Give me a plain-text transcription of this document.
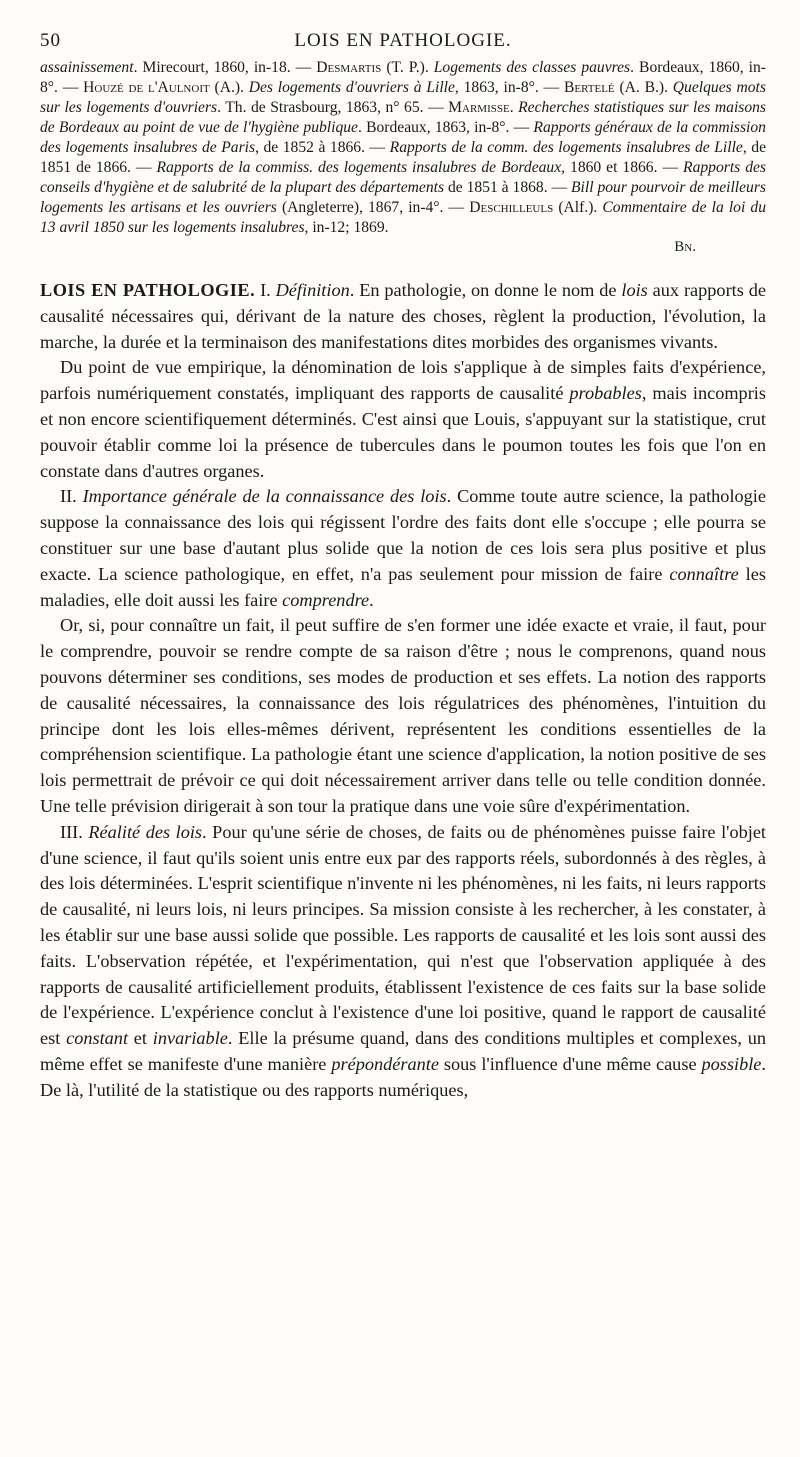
50	LOIS EN PATHOLOGIE.

assainissement. Mirecourt, 1860, in-18. — Desmartis (T. P.). Logements des classes pauvres. Bordeaux, 1860, in-8°. — Houzé de l'Aulnoit (A.). Des logements d'ouvriers à Lille, 1863, in-8°. — Bertelé (A. B.). Quelques mots sur les logements d'ouvriers. Th. de Strasbourg, 1863, n° 65. — Marmisse. Recherches statistiques sur les maisons de Bordeaux au point de vue de l'hygiène publique. Bordeaux, 1863, in-8°. — Rapports généraux de la commission des logements insalubres de Paris, de 1852 à 1866. — Rapports de la comm. des logements insalubres de Lille, de 1851 de 1866. — Rapports de la commiss. des logements insalubres de Bordeaux, 1860 et 1866. — Rapports des conseils d'hygiène et de salubrité de la plupart des départements de 1851 à 1868. — Bill pour pourvoir de meilleurs logements les artisans et les ouvriers (Angleterre), 1867, in-4°. — Deschilleuls (Alf.). Commentaire de la loi du 13 avril 1850 sur les logements insalubres, in-12; 1869.

Bn.

LOIS EN PATHOLOGIE. I. Définition. En pathologie, on donne le nom de lois aux rapports de causalité nécessaires qui, dérivant de la nature des choses, règlent la production, l'évolution, la marche, la durée et la terminaison des manifestations dites morbides des organismes vivants.

Du point de vue empirique, la dénomination de lois s'applique à de simples faits d'expérience, parfois numériquement constatés, impliquant des rapports de causalité probables, mais incompris et non encore scientifiquement déterminés. C'est ainsi que Louis, s'appuyant sur la statistique, crut pouvoir établir comme loi la présence de tubercules dans le poumon toutes les fois que l'on en constate dans d'autres organes.

II. Importance générale de la connaissance des lois. Comme toute autre science, la pathologie suppose la connaissance des lois qui régissent l'ordre des faits dont elle s'occupe ; elle pourra se constituer sur une base d'autant plus solide que la notion de ces lois sera plus positive et plus exacte. La science pathologique, en effet, n'a pas seulement pour mission de faire connaître les maladies, elle doit aussi les faire comprendre.

Or, si, pour connaître un fait, il peut suffire de s'en former une idée exacte et vraie, il faut, pour le comprendre, pouvoir se rendre compte de sa raison d'être ; nous le comprenons, quand nous pouvons déterminer ses conditions, ses modes de production et ses effets. La notion des rapports de causalité nécessaires, la connaissance des lois régulatrices des phénomènes, l'intuition du principe dont les lois elles-mêmes dérivent, représentent les conditions essentielles de la compréhension scientifique. La pathologie étant une science d'application, la notion positive de ses lois permettrait de prévoir ce qui doit nécessairement arriver dans telle ou telle condition donnée. Une telle prévision dirigerait à son tour la pratique dans une voie sûre d'expérimentation.

III. Réalité des lois. Pour qu'une série de choses, de faits ou de phénomènes puisse faire l'objet d'une science, il faut qu'ils soient unis entre eux par des rapports réels, subordonnés à des règles, à des lois déterminées. L'esprit scientifique n'invente ni les phénomènes, ni les faits, ni leurs rapports de causalité, ni leurs lois, ni leurs principes. Sa mission consiste à les rechercher, à les constater, à les établir sur une base aussi solide que possible. Les rapports de causalité et les lois sont aussi des faits. L'observation répétée, et l'expérimentation, qui n'est que l'observation appliquée à des rapports de causalité artificiellement produits, établissent l'existence de ces faits sur la base solide de l'expérience. L'expérience conclut à l'existence d'une loi positive, quand le rapport de causalité est constant et invariable. Elle la présume quand, dans des conditions multiples et complexes, un même effet se manifeste d'une manière prépondérante sous l'influence d'une même cause possible. De là, l'utilité de la statistique ou des rapports numériques,
